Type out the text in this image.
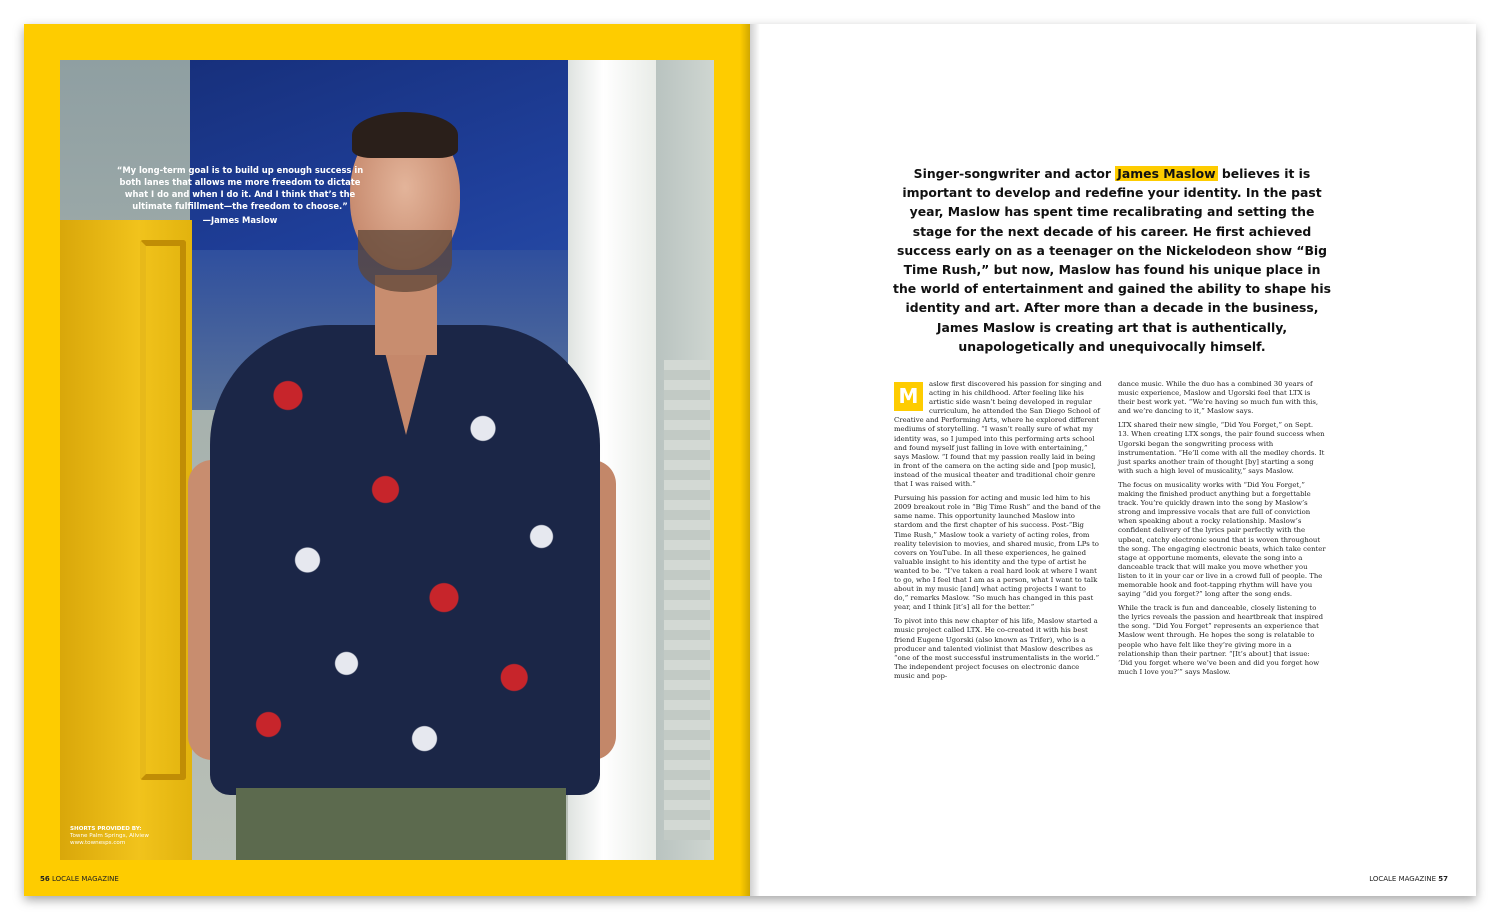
“My long-term goal is to build up enough success in both lanes that allows me more freedom to dictate what I do and when I do it. And I think that’s the ultimate fulfillment—the freedom to choose.”
—James Maslow
SHORTS PROVIDED BY:
Towne Palm Springs, Allview
www.townesps.com
56 LOCALE MAGAZINE
Singer-songwriter and actor James Maslow believes it is important to develop and redefine your identity. In the past year, Maslow has spent time recalibrating and setting the stage for the next decade of his career. He first achieved success early on as a teenager on the Nickelodeon show “Big Time Rush,” but now, Maslow has found his unique place in the world of entertainment and gained the ability to shape his identity and art. After more than a decade in the business, James Maslow is creating art that is authentically, unapologetically and unequivocally himself.

M	aslow first discovered his passion for singing and acting in his childhood. After feeling like his artistic side wasn’t being developed in regular curriculum, he attended the San Diego School of Creative and Performing Arts, where he explored different mediums of storytelling. “I wasn’t really sure of what my identity was, so I jumped into this performing arts school and found myself just falling in love with entertaining,” says Maslow. “I found that my passion really laid in being in front of the camera on the acting side and [pop music], instead of the musical theater and traditional choir genre that I was raised with.”

Pursuing his passion for acting and music led him to his 2009 breakout role in “Big Time Rush” and the band of the same name. This opportunity launched Maslow into stardom and the first chapter of his success. Post-“Big Time Rush,” Maslow took a variety of acting roles, from reality television to movies, and shared music, from LPs to covers on YouTube. In all these experiences, he gained valuable insight to his identity and the type of artist he wanted to be. “I’ve taken a real hard look at where I want to go, who I feel that I am as a person, what I want to talk about in my music [and] what acting projects I want to do,” remarks Maslow. “So much has changed in this past year, and I think [it’s] all for the better.”

To pivot into this new chapter of his life, Maslow started a music project called LTX. He co-created it with his best friend Eugene Ugorski (also known as Trifer), who is a producer and talented violinist that Maslow describes as “one of the most successful instrumentalists in the world.” The independent project focuses on electronic dance music and pop-

dance music. While the duo has a combined 30 years of music experience, Maslow and Ugorski feel that LTX is their best work yet. “We’re having so much fun with this, and we’re dancing to it,” Maslow says.

LTX shared their new single, “Did You Forget,” on Sept. 13. When creating LTX songs, the pair found success when Ugorski began the songwriting process with instrumentation. “He’ll come with all the medley chords. It just sparks another train of thought [by] starting a song with such a high level of musicality,” says Maslow.

The focus on musicality works with “Did You Forget,” making the finished product anything but a forgettable track. You’re quickly drawn into the song by Maslow’s strong and impressive vocals that are full of conviction when speaking about a rocky relationship. Maslow’s confident delivery of the lyrics pair perfectly with the upbeat, catchy electronic sound that is woven throughout the song. The engaging electronic beats, which take center stage at opportune moments, elevate the song into a danceable track that will make you move whether you listen to it in your car or live in a crowd full of people. The memorable hook and foot-tapping rhythm will have you saying “did you forget?” long after the song ends.

While the track is fun and danceable, closely listening to the lyrics reveals the passion and heartbreak that inspired the song. “Did You Forget” represents an experience that Maslow went through. He hopes the song is relatable to people who have felt like they’re giving more in a relationship than their partner. “[It’s about] that issue: ‘Did you forget where we’ve been and did you forget how much I love you?’” says Maslow.

LOCALE MAGAZINE 57
